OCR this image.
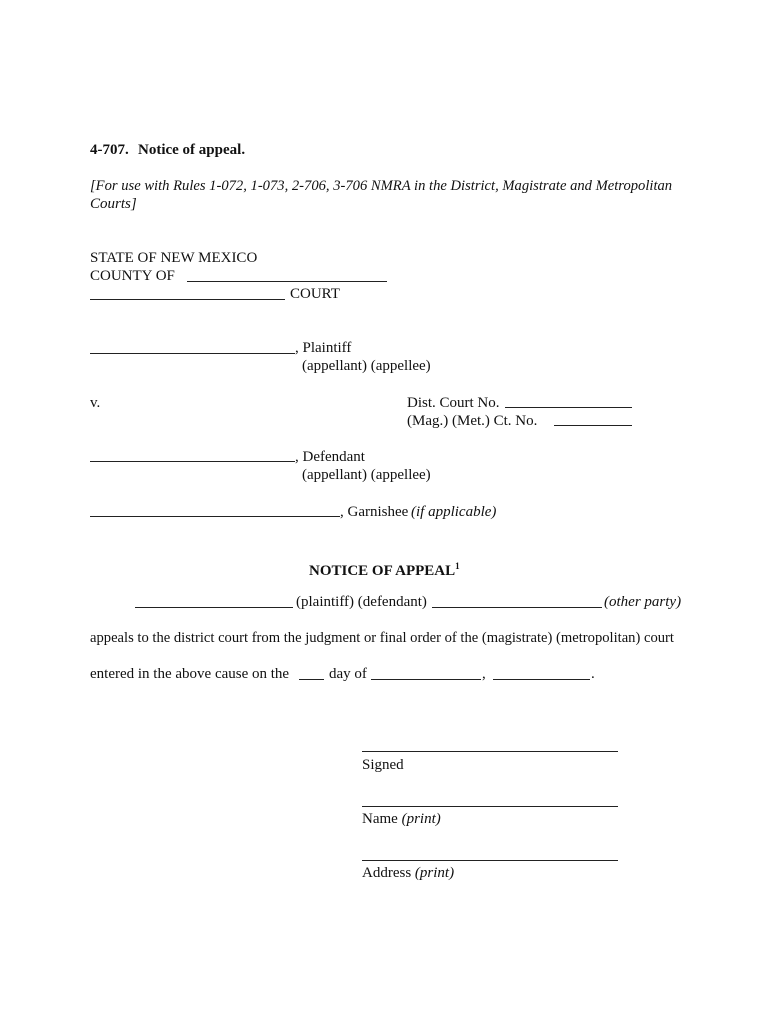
4-707. Notice of appeal.
[For use with Rules 1-072, 1-073, 2-706, 3-706 NMRA in the District, Magistrate and Metropolitan
Courts]
STATE OF NEW MEXICO
COUNTY OF
COURT
, Plaintiff
(appellant) (appellee)
v.	Dist. Court No.
(Mag.) (Met.) Ct. No.
, Defendant
(appellant) (appellee)
, Garnishee (if applicable)
NOTICE OF APPEAL$^1$
(plaintiff) (defendant)	(other party)
appeals to the district court from the judgment or final order of the (magistrate) (metropolitan) court
entered in the above cause on the	day of	,	.
Signed
Name (print)
Address (print)
